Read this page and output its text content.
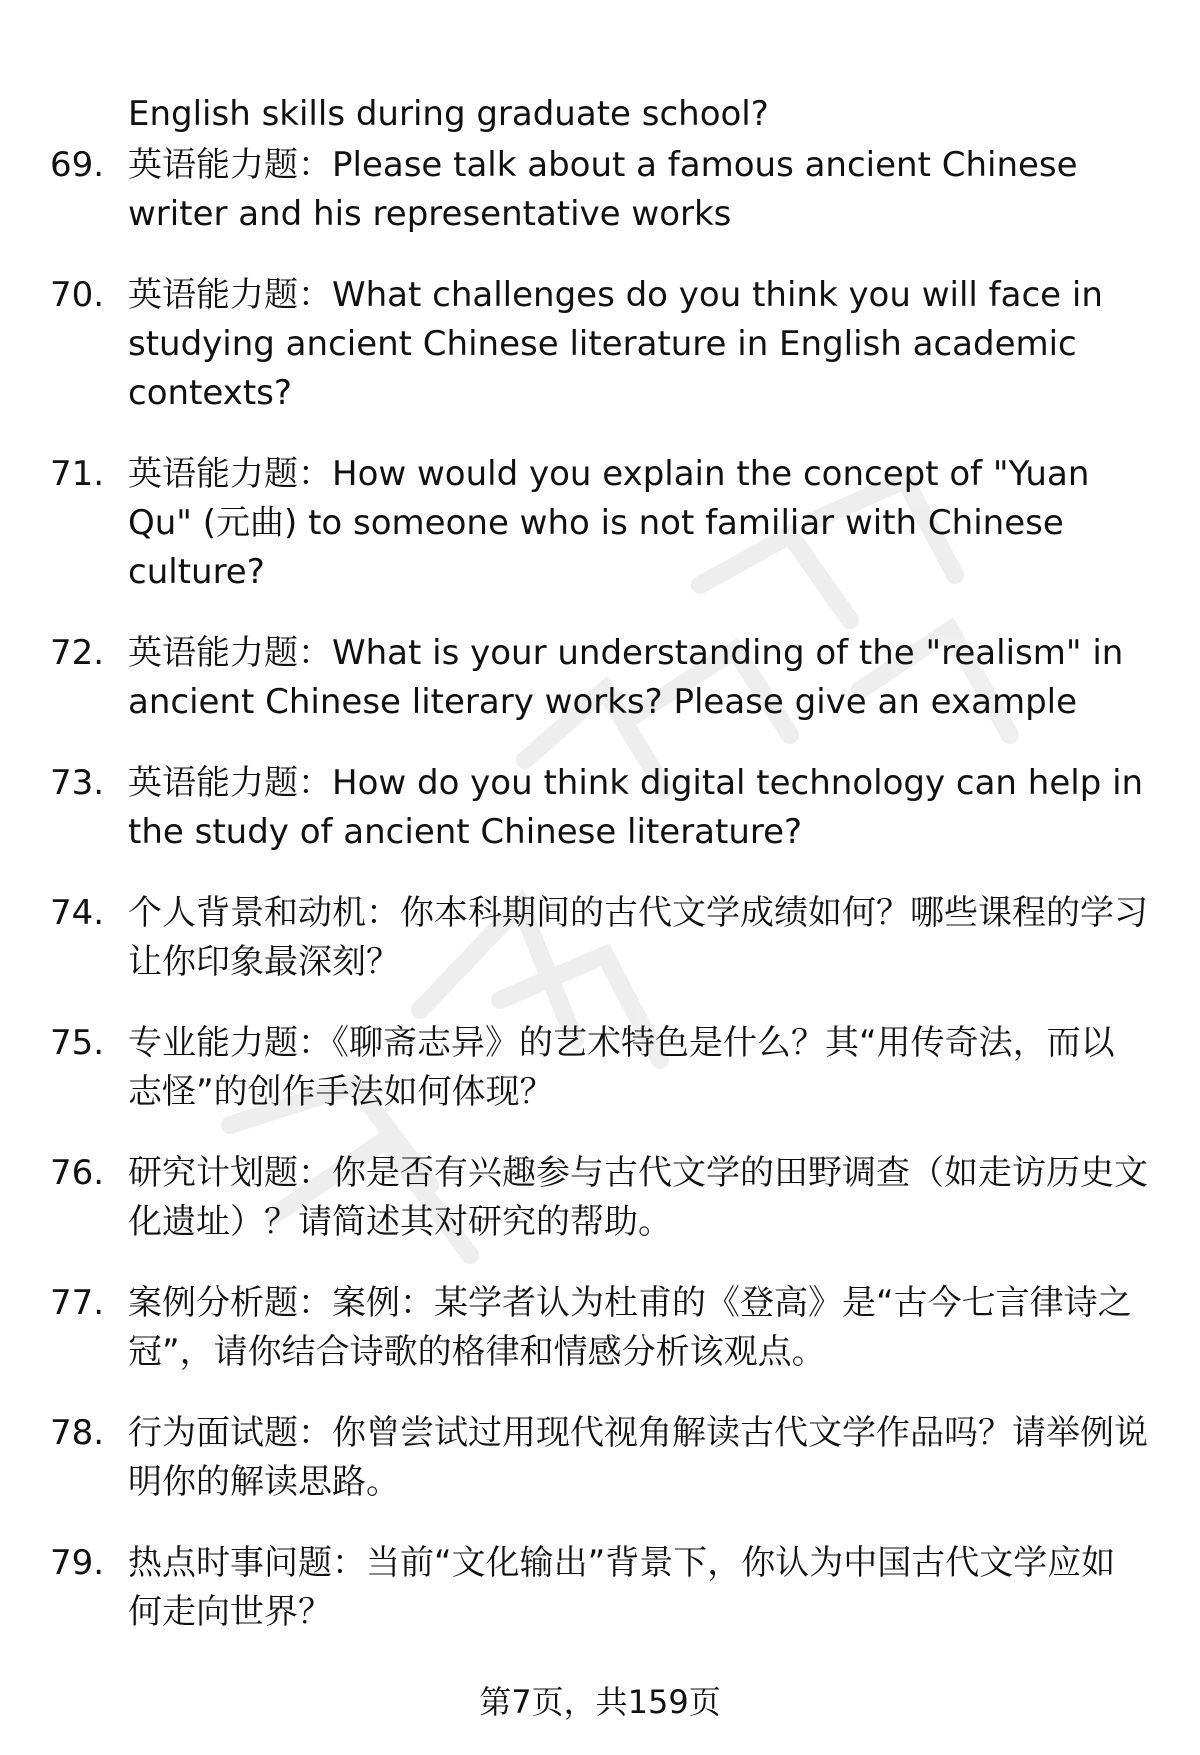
English skills during graduate school?

69. 英语能力题：Please talk about a famous ancient Chinese writer and his representative works
70. 英语能力题：What challenges do you think you will face in studying ancient Chinese literature in English academic contexts?
71. 英语能力题：How would you explain the concept of "Yuan Qu" (元曲) to someone who is not familiar with Chinese culture?
72. 英语能力题：What is your understanding of the "realism" in ancient Chinese literary works? Please give an example
73. 英语能力题：How do you think digital technology can help in the study of ancient Chinese literature?
74. 个人背景和动机：你本科期间的古代文学成绩如何？哪些课程的学习让你印象最深刻？
75. 专业能力题：《聊斋志异》的艺术特色是什么？其“用传奇法，而以志怪”的创作手法如何体现？
76. 研究计划题：你是否有兴趣参与古代文学的田野调查（如走访历史文化遗址）？请简述其对研究的帮助。
77. 案例分析题：案例：某学者认为杜甫的《登高》是“古今七言律诗之冠”，请你结合诗歌的格律和情感分析该观点。
78. 行为面试题：你曾尝试过用现代视角解读古代文学作品吗？请举例说明你的解读思路。
79. 热点时事问题：当前“文化输出”背景下，你认为中国古代文学应如何走向世界？
第7页，共159页
